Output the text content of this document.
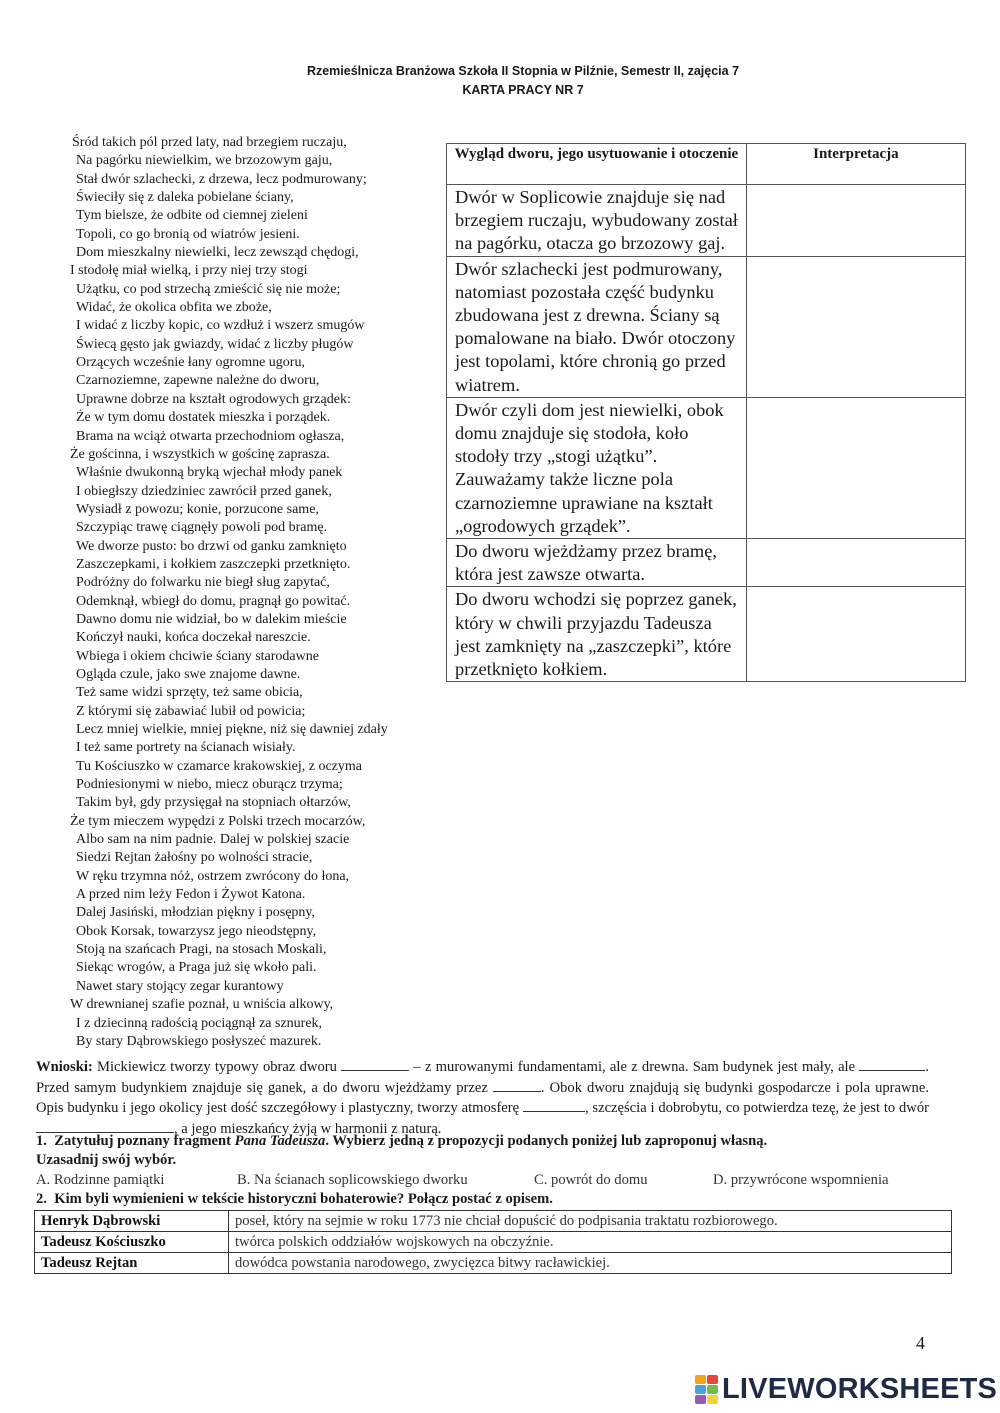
Rzemieślnicza Branżowa Szkoła II Stopnia w Pilźnie, Semestr II, zajęcia 7
KARTA PRACY NR 7
Śród takich pól przed laty, nad brzegiem ruczaju,
Na pagórku niewielkim, we brzozowym gaju,
Stał dwór szlachecki, z drzewa, lecz podmurowany;
Świeciły się z daleka pobielane ściany,
Tym bielsze, że odbite od ciemnej zieleni
Topoli, co go bronią od wiatrów jesieni.
Dom mieszkalny niewielki, lecz zewsząd chędogi,
I stodołę miał wielką, i przy niej trzy stogi
Użątku, co pod strzechą zmieścić się nie może;
Widać, że okolica obfita we zboże,
I widać z liczby kopic, co wzdłuż i wszerz smugów
Świecą gęsto jak gwiazdy, widać z liczby pługów
Orzących wcześnie łany ogromne ugoru,
Czarnoziemne, zapewne należne do dworu,
Uprawne dobrze na kształt ogrodowych grządek:
Że w tym domu dostatek mieszka i porządek.
Brama na wciąż otwarta przechodniom ogłasza,
Że gościnna, i wszystkich w gościnę zaprasza.
Właśnie dwukonną bryką wjechał młody panek
I obiegłszy dziedziniec zawrócił przed ganek,
Wysiadł z powozu; konie, porzucone same,
Szczypiąc trawę ciągnęły powoli pod bramę.
We dworze pusto: bo drzwi od ganku zamknięto
Zaszczepkami, i kołkiem zaszczepki przetknięto.
Podróżny do folwarku nie biegł sług zapytać,
Odemknął, wbiegł do domu, pragnął go powitać.
Dawno domu nie widział, bo w dalekim mieście
Kończył nauki, końca doczekał nareszcie.
Wbiega i okiem chciwie ściany starodawne
Ogląda czule, jako swe znajome dawne.
Też same widzi sprzęty, też same obicia,
Z którymi się zabawiać lubił od powicia;
Lecz mniej wielkie, mniej piękne, niż się dawniej zdały
I też same portrety na ścianach wisiały.
Tu Kościuszko w czamarce krakowskiej, z oczyma
Podniesionymi w niebo, miecz oburącz trzyma;
Takim był, gdy przysięgał na stopniach ołtarzów,
Że tym mieczem wypędzi z Polski trzech mocarzów,
Albo sam na nim padnie. Dalej w polskiej szacie
Siedzi Rejtan żałośny po wolności stracie,
W ręku trzymna nóż, ostrzem zwrócony do łona,
A przed nim leży Fedon i Żywot Katona.
Dalej Jasiński, młodzian piękny i posępny,
Obok Korsak, towarzysz jego nieodstępny,
Stoją na szańcach Pragi, na stosach Moskali,
Siekąc wrogów, a Praga już się wkoło pali.
Nawet stary stojący zegar kurantowy
W drewnianej szafie poznał, u wniścia alkowy,
I z dziecinną radością pociągnął za sznurek,
By stary Dąbrowskiego posłyszeć mazurek.
Wygląd dworu, jego usytuowanie i otoczenie	Interpretacja
Dwór w Soplicowie znajduje się nad brzegiem ruczaju, wybudowany został na pagórku, otacza go brzozowy gaj.	
Dwór szlachecki jest podmurowany, natomiast pozostała część budynku zbudowana jest z drewna. Ściany są pomalowane na biało. Dwór otoczony jest topolami, które chronią go przed wiatrem.	
Dwór czyli dom jest niewielki, obok domu znajduje się stodoła, koło stodoły trzy „stogi użątku”. Zauważamy także liczne pola czarnoziemne uprawiane na kształt „ogrodowych grządek”.	
Do dworu wjeżdżamy przez bramę, która jest zawsze otwarta.	
Do dworu wchodzi się poprzez ganek, który w chwili przyjazdu Tadeusza jest zamknięty na „zaszczepki”, które przetknięto kołkiem.	
Wnioski: Mickiewicz tworzy typowy obraz dworu	– z murowanymi fundamentami, ale z drewna. Sam budynek jest mały, ale	. Przed samym budynkiem znajduje się ganek, a do dworu wjeżdżamy przez	. Obok dworu znajdują się budynki gospodarcze i pola uprawne. Opis budynku i jego okolicy jest dość szczegółowy i plastyczny, tworzy atmosferę	, szczęścia i dobrobytu, co potwierdza tezę, że jest to dwór , a jego mieszkańcy żyją w harmonii z naturą.
1. Zatytułuj poznany fragment Pana Tadeusza. Wybierz jedną z propozycji podanych poniżej lub zaproponuj własną.
Uzasadnij swój wybór.
A. Rodzinne pamiątki	B. Na ścianach soplicowskiego dworku	C. powrót do domu	D. przywrócone wspomnienia
2. Kim byli wymienieni w tekście historyczni bohaterowie? Połącz postać z opisem.
Henryk Dąbrowski	poseł, który na sejmie w roku 1773 nie chciał dopuścić do podpisania traktatu rozbiorowego.
Tadeusz Kościuszko	twórca polskich oddziałów wojskowych na obczyźnie.
Tadeusz Rejtan	dowódca powstania narodowego, zwycięzca bitwy racławickiej.
4
LIVEWORKSHEETS
